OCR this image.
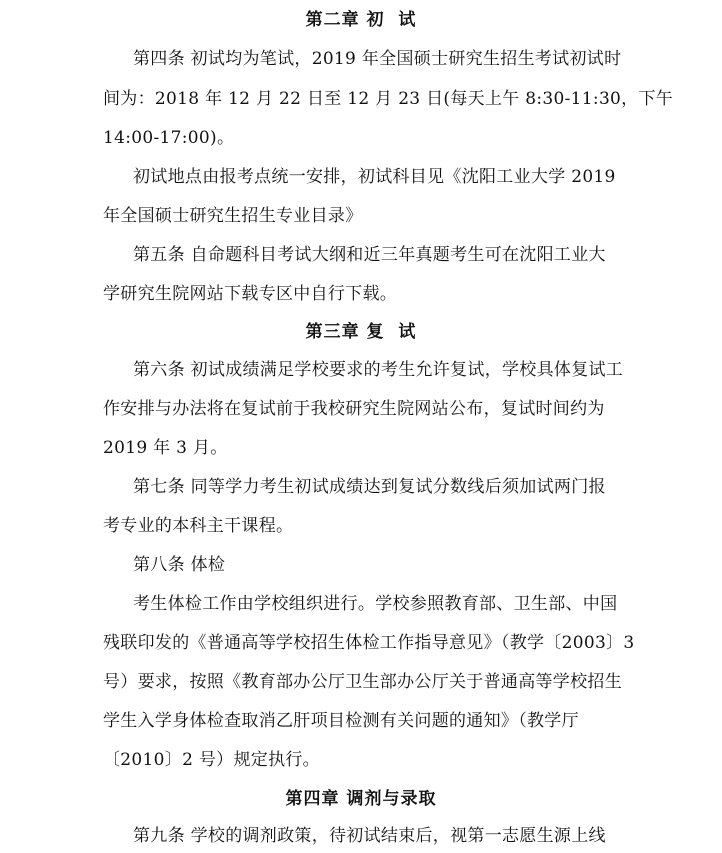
第二章 初  试
第四条 初试均为笔试，2019 年全国硕士研究生招生考试初试时
间为：2018 年 12 月 22 日至 12 月 23 日(每天上午 8:30-11:30，下午
14:00-17:00)。
初试地点由报考点统一安排，初试科目见《沈阳工业大学 2019
年全国硕士研究生招生专业目录》
第五条 自命题科目考试大纲和近三年真题考生可在沈阳工业大
学研究生院网站下载专区中自行下载。
第三章 复  试
第六条 初试成绩满足学校要求的考生允许复试，学校具体复试工
作安排与办法将在复试前于我校研究生院网站公布，复试时间约为
2019 年 3 月。
第七条 同等学力考生初试成绩达到复试分数线后须加试两门报
考专业的本科主干课程。
第八条 体检
考生体检工作由学校组织进行。学校参照教育部、卫生部、中国
残联印发的《普通高等学校招生体检工作指导意见》（教学〔2003〕3
号）要求，按照《教育部办公厅卫生部办公厅关于普通高等学校招生
学生入学身体检查取消乙肝项目检测有关问题的通知》（教学厅
〔2010〕2 号）规定执行。
第四章 调剂与录取
第九条 学校的调剂政策，待初试结束后，视第一志愿生源上线
